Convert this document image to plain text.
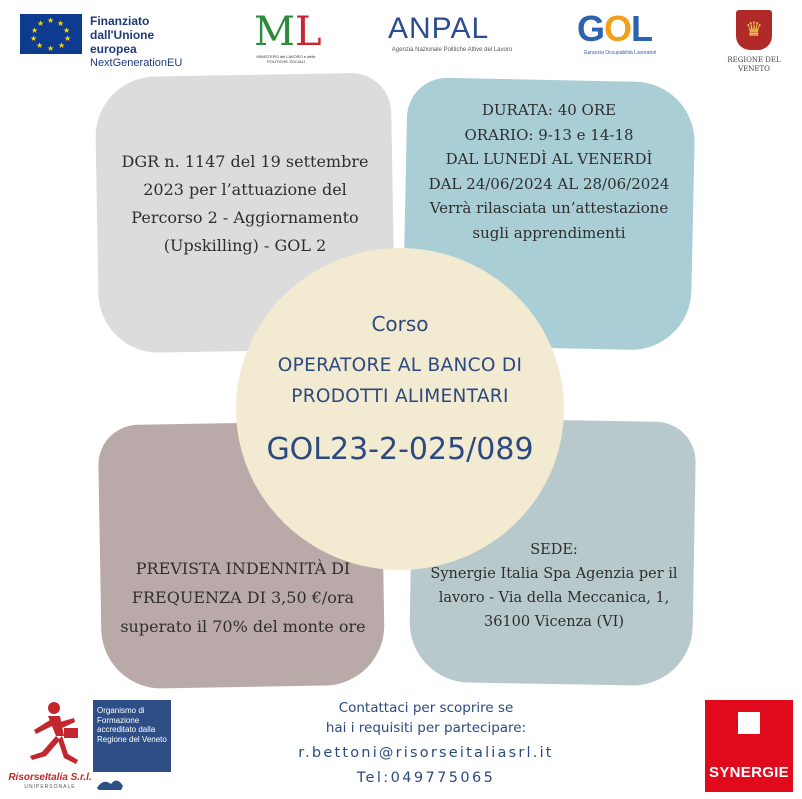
★ ★
★
★
★
★
★
★
★
★	Finanziato
dall'Unione europea
NextGenerationEU
ML
MINISTERO del LAVORO e delle POLITICHE SOCIALI
ANPAL
Agenzia Nazionale Politiche Attive del Lavoro
GOL
Garanzia Occupabilità Lavoratori
♛
REGIONE DEL VENETO
DGR n. 1147 del 19 settembre
2023 per l’attuazione del
Percorso 2 - Aggiornamento
(Upskilling) - GOL 2
DURATA: 40 ORE
ORARIO: 9-13 e 14-18
DAL LUNEDÌ AL VENERDÌ
DAL 24/06/2024 AL 28/06/2024
Verrà rilasciata un’attestazione
sugli apprendimenti
PREVISTA INDENNITÀ DI
FREQUENZA DI 3,50 €/ora
superato il 70% del monte ore
SEDE:
Synergie Italia Spa Agenzia per il
lavoro - Via della Meccanica, 1,
36100 Vicenza (VI)
Corso
OPERATORE AL BANCO DI
PRODOTTI ALIMENTARI
GOL23-2-025/089
RisorseItalia S.r.l.
UNIPERSONALE
Organismo di Formazione accreditato dalla Regione del Veneto
Contattaci per scoprire se
hai i requisiti per partecipare:
r.bettoni@risorseitaliasrl.it
Tel:049775065	SYNERGIE
